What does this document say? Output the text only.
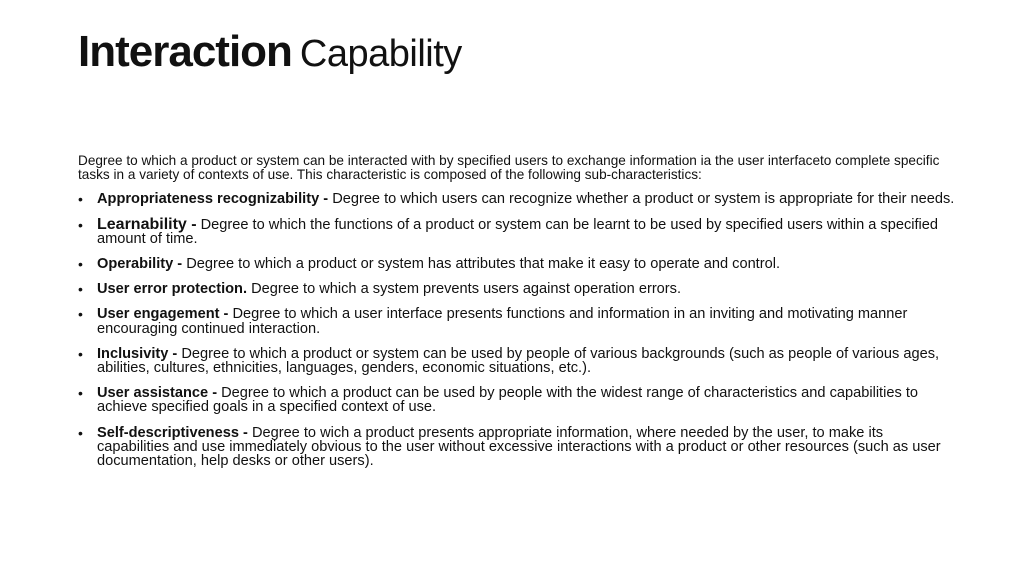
Interaction Capability

Degree to which a product or system can be interacted with by specified users to exchange information ia the user interfaceto complete specific tasks in a variety of contexts of use. This characteristic is composed of the following sub-characteristics:

• Appropriateness recognizability - Degree to which users can recognize whether a product or system is appropriate for their needs.
• Learnability - Degree to which the functions of a product or system can be learnt to be used by specified users within a specified amount of time.
• Operability - Degree to which a product or system has attributes that make it easy to operate and control.
• User error protection. Degree to which a system prevents users against operation errors.
• User engagement - Degree to which a user interface presents functions and information in an inviting and motivating manner encouraging continued interaction.
• Inclusivity - Degree to which a product or system can be used by people of various backgrounds (such as people of various ages, abilities, cultures, ethnicities, languages, genders, economic situations, etc.).
• User assistance - Degree to which a product can be used by people with the widest range of characteristics and capabilities to achieve specified goals in a specified context of use.
• Self-descriptiveness - Degree to wich a product presents appropriate information, where needed by the user, to make its capabilities and use immediately obvious to the user without excessive interactions with a product or other resources (such as user documentation, help desks or other users).
